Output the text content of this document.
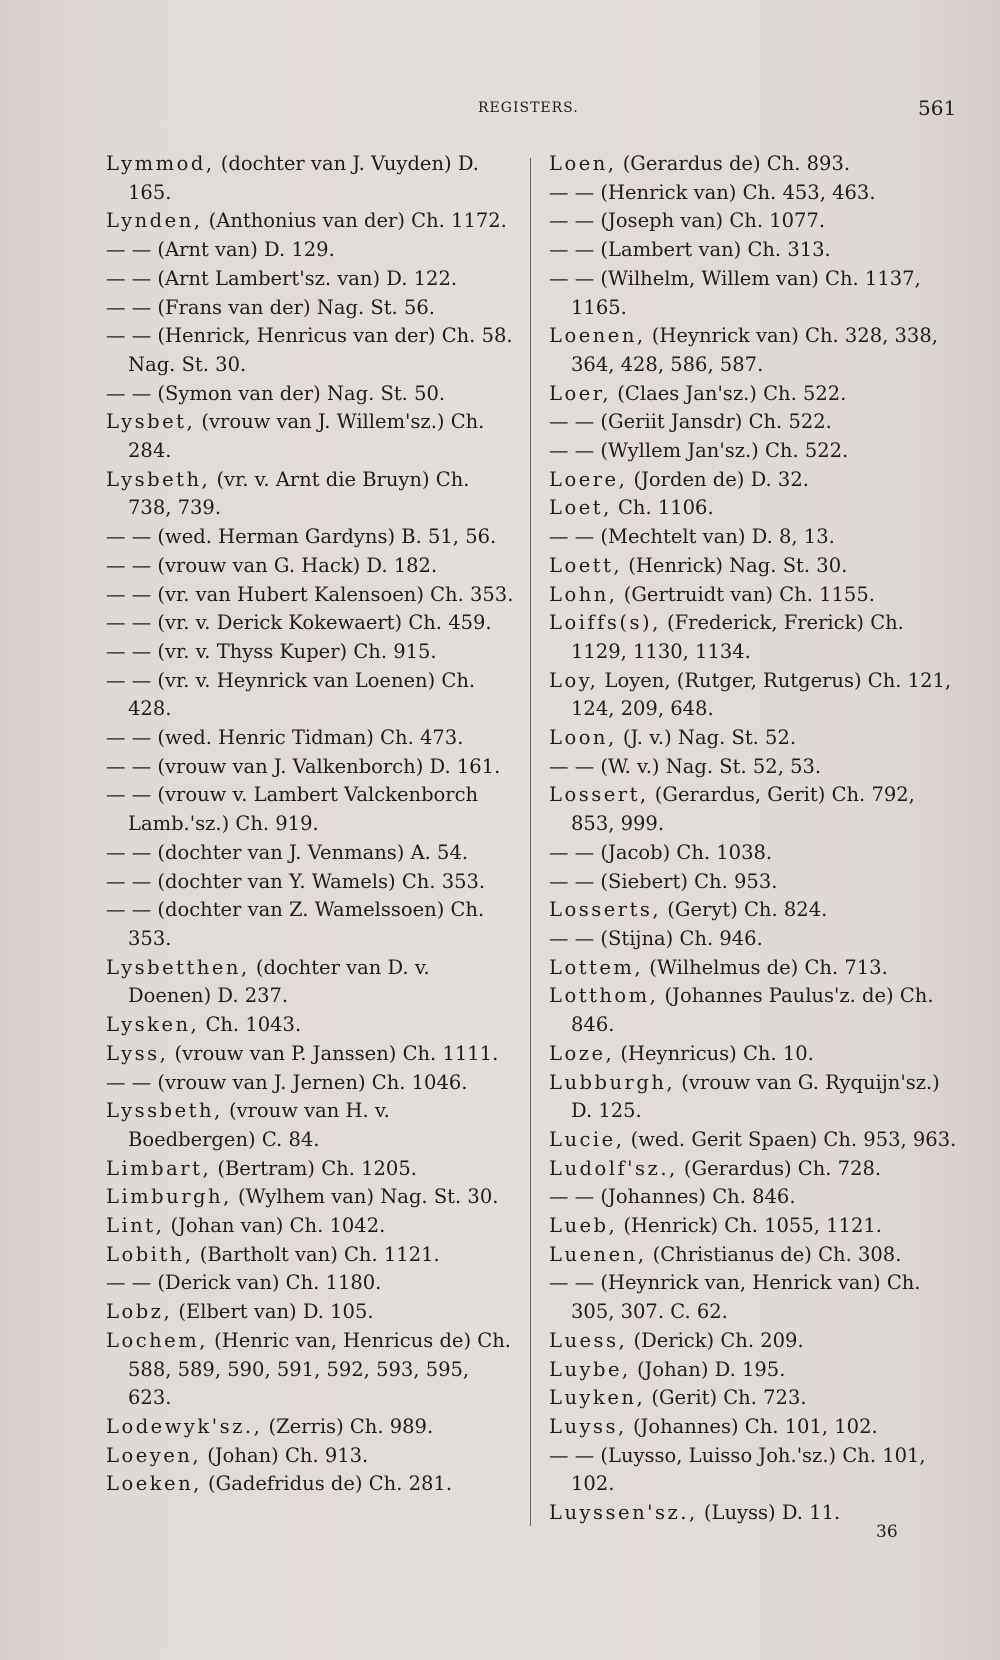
REGISTERS.	561
Lymmod, (dochter van J. Vuyden) D. 165.
Lynden, (Anthonius van der) Ch. 1172.
— — (Arnt van) D. 129.
— — (Arnt Lambert'sz. van) D. 122.
— — (Frans van der) Nag. St. 56.
— — (Henrick, Henricus van der) Ch. 58. Nag. St. 30.
— — (Symon van der) Nag. St. 50.
Lysbet, (vrouw van J. Willem'sz.) Ch. 284.
Lysbeth, (vr. v. Arnt die Bruyn) Ch. 738, 739.
— — (wed. Herman Gardyns) B. 51, 56.
— — (vrouw van G. Hack) D. 182.
— — (vr. van Hubert Kalensoen) Ch. 353.
— — (vr. v. Derick Kokewaert) Ch. 459.
— — (vr. v. Thyss Kuper) Ch. 915.
— — (vr. v. Heynrick van Loenen) Ch. 428.
— — (wed. Henric Tidman) Ch. 473.
— — (vrouw van J. Valkenborch) D. 161.
— — (vrouw v. Lambert Valckenborch Lamb.'sz.) Ch. 919.
— — (dochter van J. Venmans) A. 54.
— — (dochter van Y. Wamels) Ch. 353.
— — (dochter van Z. Wamelssoen) Ch. 353.
Lysbetthen, (dochter van D. v. Doenen) D. 237.
Lysken, Ch. 1043.
Lyss, (vrouw van P. Janssen) Ch. 1111.
— — (vrouw van J. Jernen) Ch. 1046.
Lyssbeth, (vrouw van H. v. Boedbergen) C. 84.
Limbart, (Bertram) Ch. 1205.
Limburgh, (Wylhem van) Nag. St. 30.
Lint, (Johan van) Ch. 1042.
Lobith, (Bartholt van) Ch. 1121.
— — (Derick van) Ch. 1180.
Lobz, (Elbert van) D. 105.
Lochem, (Henric van, Henricus de) Ch. 588, 589, 590, 591, 592, 593, 595, 623.
Lodewyk'sz., (Zerris) Ch. 989.
Loeyen, (Johan) Ch. 913.
Loeken, (Gadefridus de) Ch. 281.
Loen, (Gerardus de) Ch. 893.
— — (Henrick van) Ch. 453, 463.
— — (Joseph van) Ch. 1077.
— — (Lambert van) Ch. 313.
— — (Wilhelm, Willem van) Ch. 1137, 1165.
Loenen, (Heynrick van) Ch. 328, 338, 364, 428, 586, 587.
Loer, (Claes Jan'sz.) Ch. 522.
— — (Geriit Jansdr) Ch. 522.
— — (Wyllem Jan'sz.) Ch. 522.
Loere, (Jorden de) D. 32.
Loet, Ch. 1106.
— — (Mechtelt van) D. 8, 13.
Loett, (Henrick) Nag. St. 30.
Lohn, (Gertruidt van) Ch. 1155.
Loiffs(s), (Frederick, Frerick) Ch. 1129, 1130, 1134.
Loy, Loyen, (Rutger, Rutgerus) Ch. 121, 124, 209, 648.
Loon, (J. v.) Nag. St. 52.
— — (W. v.) Nag. St. 52, 53.
Lossert, (Gerardus, Gerit) Ch. 792, 853, 999.
— — (Jacob) Ch. 1038.
— — (Siebert) Ch. 953.
Losserts, (Geryt) Ch. 824.
— — (Stijna) Ch. 946.
Lottem, (Wilhelmus de) Ch. 713.
Lotthom, (Johannes Paulus'z. de) Ch. 846.
Loze, (Heynricus) Ch. 10.
Lubburgh, (vrouw van G. Ryquijn'sz.) D. 125.
Lucie, (wed. Gerit Spaen) Ch. 953, 963.
Ludolf'sz., (Gerardus) Ch. 728.
— — (Johannes) Ch. 846.
Lueb, (Henrick) Ch. 1055, 1121.
Luenen, (Christianus de) Ch. 308.
— — (Heynrick van, Henrick van) Ch. 305, 307. C. 62.
Luess, (Derick) Ch. 209.
Luybe, (Johan) D. 195.
Luyken, (Gerit) Ch. 723.
Luyss, (Johannes) Ch. 101, 102.
— — (Luysso, Luisso Joh.'sz.) Ch. 101, 102.
Luyssen'sz., (Luyss) D. 11.
36
